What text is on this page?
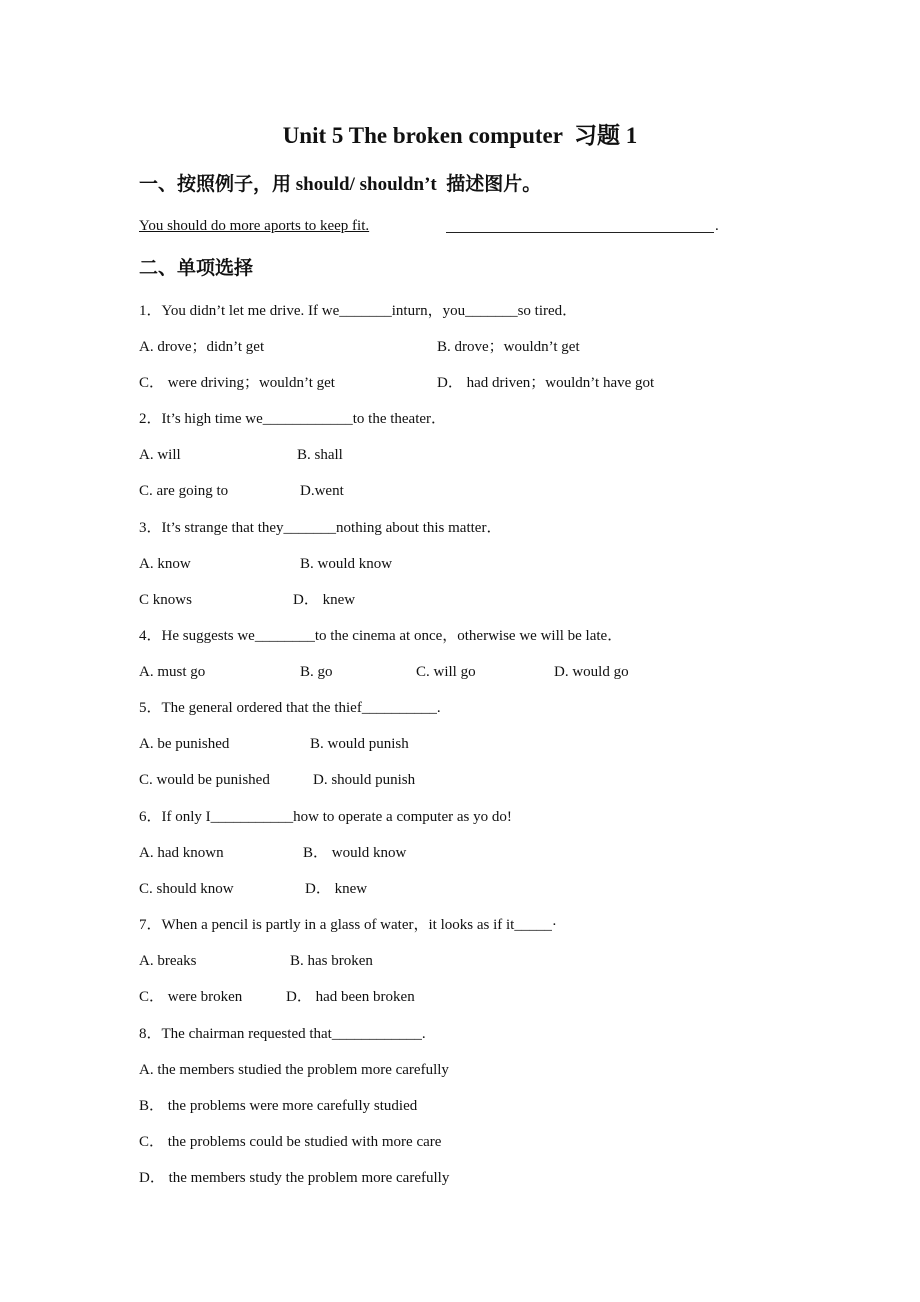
Unit 5 The broken computer  习题 1
一、按照例子，用 should/ shouldn’t  描述图片。
You should do more aports to keep fit.	.
二、单项选择
1．You didn’t let me drive. If we_______inturn，you_______so tired．
A. drove；didn’t get	B. drove；wouldn’t get
C． were driving；wouldn’t get	D． had driven；wouldn’t have got
2．It’s high time we____________to the theater．
A. will	B. shall
C. are going to	D.went
3．It’s strange that they_______nothing about this matter．
A. know	B. would know
C knows	D． knew
4．He suggests we________to the cinema at once，otherwise we will be late．
A. must go	B. go	C. will go	D. would go
5．The general ordered that the thief__________.
A. be punished	B. would punish
C. would be punished	D. should punish
6．If only I___________how to operate a computer as yo do!
A. had known	B． would know
C. should know	D． knew
7．When a pencil is partly in a glass of water，it looks as if it_____·
A. breaks	B. has broken
C． were broken	D． had been broken
8．The chairman requested that____________.
A. the members studied the problem more carefully
B． the problems were more carefully studied
C． the problems could be studied with more care
D． the members study the problem more carefully
